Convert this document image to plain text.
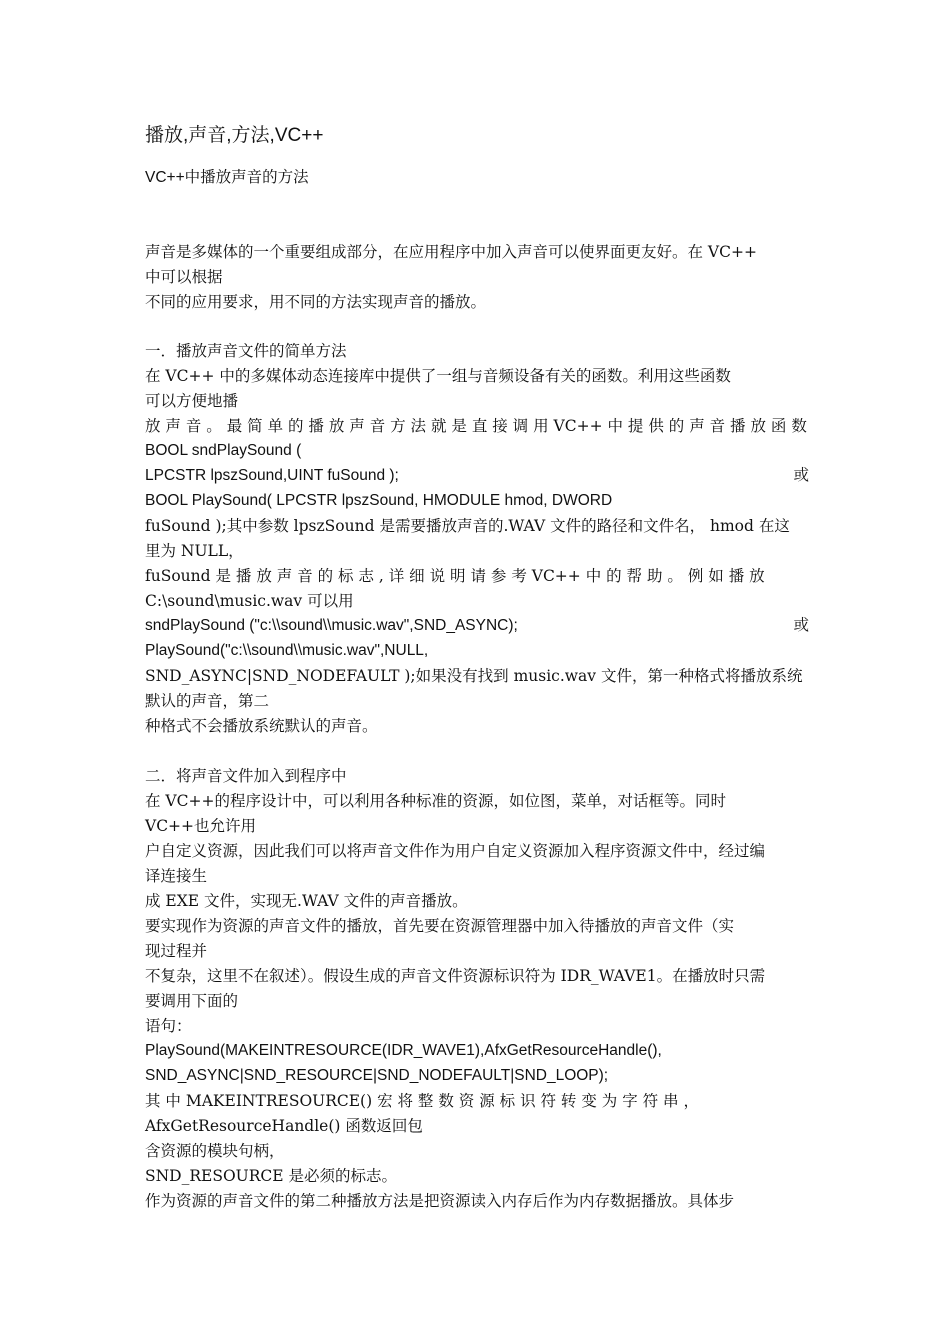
播放,声音,方法,VC++
VC++中播放声音的方法
声音是多媒体的一个重要组成部分，在应用程序中加入声音可以使界面更友好。在 VC++
中可以根据
不同的应用要求，用不同的方法实现声音的播放。
一．播放声音文件的简单方法
在 VC++ 中的多媒体动态连接库中提供了一组与音频设备有关的函数。利用这些函数
可以方便地播
放 声 音 。 最 简 单 的 播 放 声 音 方 法 就 是 直 接 调 用 VC++ 中 提 供 的 声 音 播 放 函 数
BOOL sndPlaySound (
LPCSTR lpszSound,UINT fuSound );	或
BOOL PlaySound( LPCSTR lpszSound, HMODULE hmod, DWORD
fuSound );其中参数 lpszSound 是需要播放声音的.WAV 文件的路径和文件名， hmod 在这
里为 NULL，
fuSound 是 播 放 声 音 的 标 志 , 详 细 说 明 请 参 考 VC++ 中 的 帮 助 。 例 如 播 放
C:\sound\music.wav 可以用
sndPlaySound ("c:\\sound\\music.wav",SND_ASYNC);	或
PlaySound("c:\\sound\\music.wav",NULL,
SND_ASYNC|SND_NODEFAULT );如果没有找到 music.wav 文件，第一种格式将播放系统
默认的声音，第二
种格式不会播放系统默认的声音。
二．将声音文件加入到程序中
在 VC++的程序设计中，可以利用各种标准的资源，如位图，菜单，对话框等。同时
VC++也允许用
户自定义资源，因此我们可以将声音文件作为用户自定义资源加入程序资源文件中，经过编
译连接生
成 EXE 文件，实现无.WAV 文件的声音播放。
要实现作为资源的声音文件的播放，首先要在资源管理器中加入待播放的声音文件（实
现过程并
不复杂，这里不在叙述）。假设生成的声音文件资源标识符为 IDR_WAVE1。在播放时只需
要调用下面的
语句：
PlaySound(MAKEINTRESOURCE(IDR_WAVE1),AfxGetResourceHandle(),
SND_ASYNC|SND_RESOURCE|SND_NODEFAULT|SND_LOOP);
其 中 MAKEINTRESOURCE() 宏 将 整 数 资 源 标 识 符 转 变 为 字 符 串 ，
AfxGetResourceHandle() 函数返回包
含资源的模块句柄，
SND_RESOURCE 是必须的标志。
作为资源的声音文件的第二种播放方法是把资源读入内存后作为内存数据播放。具体步
